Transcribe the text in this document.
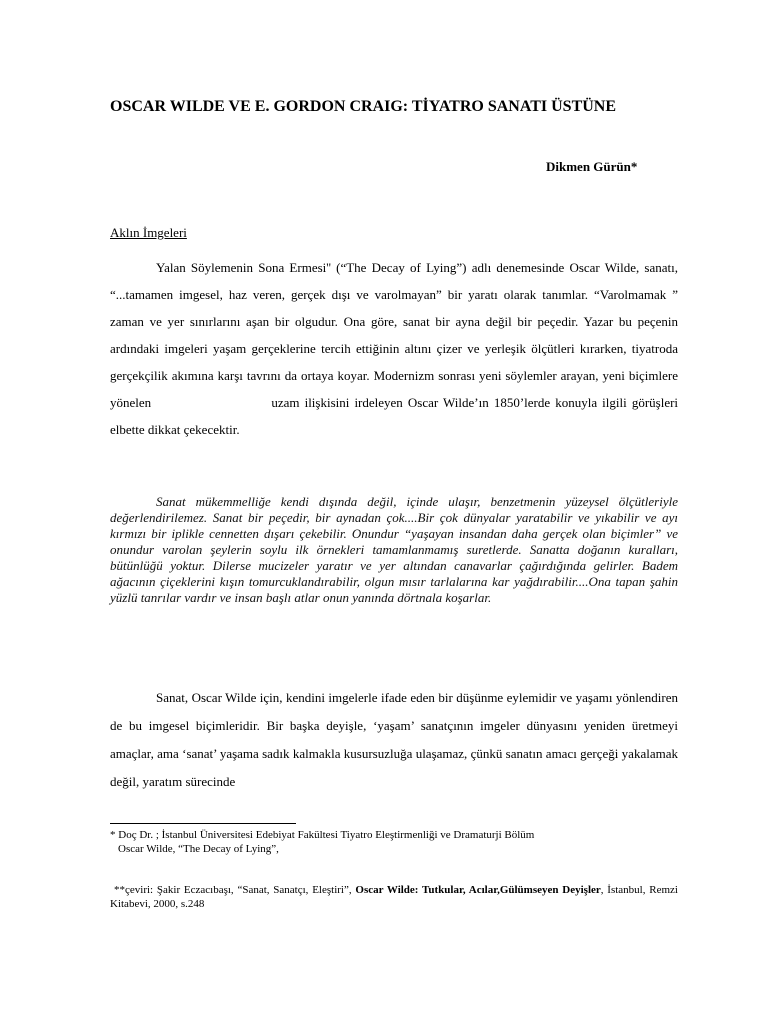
OSCAR WILDE VE E. GORDON CRAIG: TİYATRO SANATI ÜSTÜNE

Dikmen Gürün*

Aklın İmgeleri

Yalan Söylemenin Sona Ermesi'' (“The Decay of Lying”) adlı denemesinde Oscar Wilde, sanatı, “...tamamen imgesel, haz veren, gerçek dışı ve varolmayan” bir yaratı olarak tanımlar. “Varolmamak ” zaman ve yer sınırlarını aşan bir olgudur. Ona göre, sanat bir ayna değil bir peçedir. Yazar bu peçenin ardındaki imgeleri yaşam gerçeklerine tercih ettiğinin altını çizer ve yerleşik ölçütleri kırarken, tiyatroda gerçekçilik akımına karşı tavrını da ortaya koyar. Modernizm sonrası yeni söylemler arayan, yeni biçimlere yönelen	uzam ilişkisini irdeleyen Oscar Wilde’ın 1850’lerde konuyla ilgili görüşleri elbette dikkat çekecektir.

Sanat mükemmelliğe kendi dışında değil, içinde ulaşır, benzetmenin yüzeysel ölçütleriyle değerlendirilemez. Sanat bir peçedir, bir aynadan çok....Bir çok dünyalar yaratabilir ve yıkabilir ve ayı kırmızı bir iplikle cennetten dışarı çekebilir. Onundur “yaşayan insandan daha gerçek olan biçimler” ve onundur varolan şeylerin soylu ilk örnekleri tamamlanmamış suretlerde. Sanatta doğanın kuralları, bütünlüğü yoktur. Dilerse mucizeler yaratır ve yer altından canavarlar çağırdığında gelirler. Badem ağacının çiçeklerini kışın tomurcuklandırabilir, olgun mısır tarlalarına kar yağdırabilir....Ona tapan şahin yüzlü tanrılar vardır ve insan başlı atlar onun yanında dörtnala koşarlar.

Sanat, Oscar Wilde için, kendini imgelerle ifade eden bir düşünme eylemidir ve yaşamı yönlendiren de bu imgesel biçimleridir. Bir başka deyişle, ‘yaşam’ sanatçının imgeler dünyasını yeniden üretmeyi amaçlar, ama ‘sanat’ yaşama sadık kalmakla kusursuzluğa ulaşamaz, çünkü sanatın amacı gerçeği yakalamak değil, yaratım sürecinde

* Doç Dr. ; İstanbul Üniversitesi Edebiyat Fakültesi Tiyatro Eleştirmenliği ve Dramaturji Bölüm
Oscar Wilde, “The Decay of Lying”,

**çeviri: Şakir Eczacıbaşı, “Sanat, Sanatçı, Eleştiri”, Oscar Wilde: Tutkular, Acılar,Gülümseyen Deyişler, İstanbul, Remzi Kitabevi, 2000, s.248
